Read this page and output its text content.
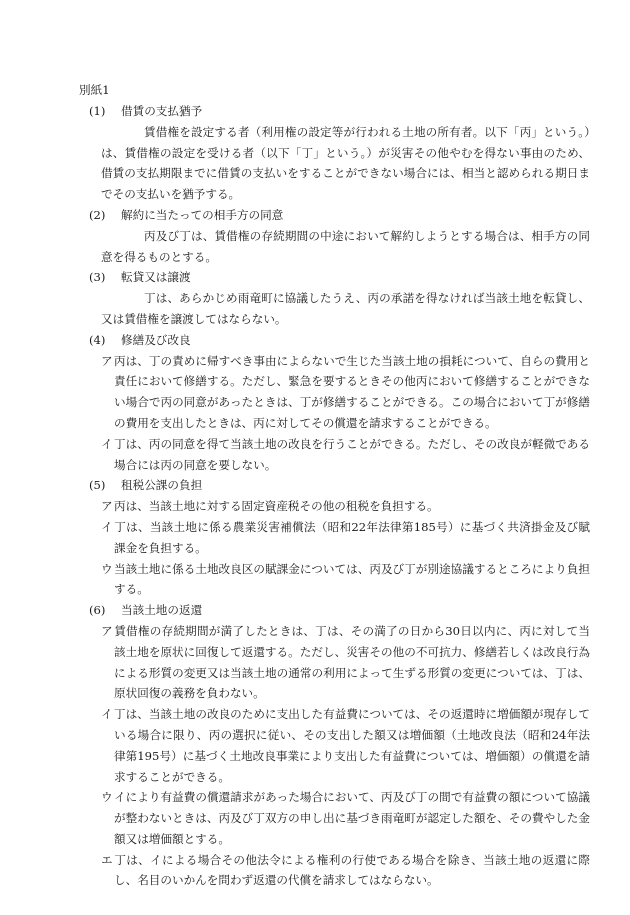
別紙1
(1) 借賃の支払猶予
賃借権を設定する者（利用権の設定等が行われる土地の所有者。以下「丙」という。）は、賃借権の設定を受ける者（以下「丁」という。）が災害その他やむを得ない事由のため、借賃の支払期限までに借賃の支払いをすることができない場合には、相当と認められる期日までその支払いを猶予する。
(2) 解約に当たっての相手方の同意
丙及び丁は、賃借権の存続期間の中途において解約しようとする場合は、相手方の同意を得るものとする。
(3) 転貸又は譲渡
丁は、あらかじめ雨竜町に協議したうえ、丙の承諾を得なければ当該土地を転貸し、又は賃借権を譲渡してはならない。
(4) 修繕及び改良
ア丙は、丁の責めに帰すべき事由によらないで生じた当該土地の損耗について、自らの費用と責任において修繕する。ただし、緊急を要するときその他丙において修繕することができない場合で丙の同意があったときは、丁が修繕することができる。この場合において丁が修繕の費用を支出したときは、丙に対してその償還を請求することができる。
イ丁は、丙の同意を得て当該土地の改良を行うことができる。ただし、その改良が軽微である場合には丙の同意を要しない。
(5) 租税公課の負担
ア丙は、当該土地に対する固定資産税その他の租税を負担する。
イ丁は、当該土地に係る農業災害補償法（昭和22年法律第185号）に基づく共済掛金及び賦課金を負担する。
ウ当該土地に係る土地改良区の賦課金については、丙及び丁が別途協議するところにより負担する。
(6) 当該土地の返還
ア賃借権の存続期間が満了したときは、丁は、その満了の日から30日以内に、丙に対して当該土地を原状に回復して返還する。ただし、災害その他の不可抗力、修繕若しくは改良行為による形質の変更又は当該土地の通常の利用によって生ずる形質の変更については、丁は、原状回復の義務を負わない。
イ丁は、当該土地の改良のために支出した有益費については、その返還時に増価額が現存している場合に限り、丙の選択に従い、その支出した額又は増価額（土地改良法（昭和24年法律第195号）に基づく土地改良事業により支出した有益費については、増価額）の償還を請求することができる。
ウイにより有益費の償還請求があった場合において、丙及び丁の間で有益費の額について協議が整わないときは、丙及び丁双方の申し出に基づき雨竜町が認定した額を、その費やした金額又は増価額とする。
エ丁は、イによる場合その他法令による権利の行使である場合を除き、当該土地の返還に際し、名目のいかんを問わず返還の代償を請求してはならない。
